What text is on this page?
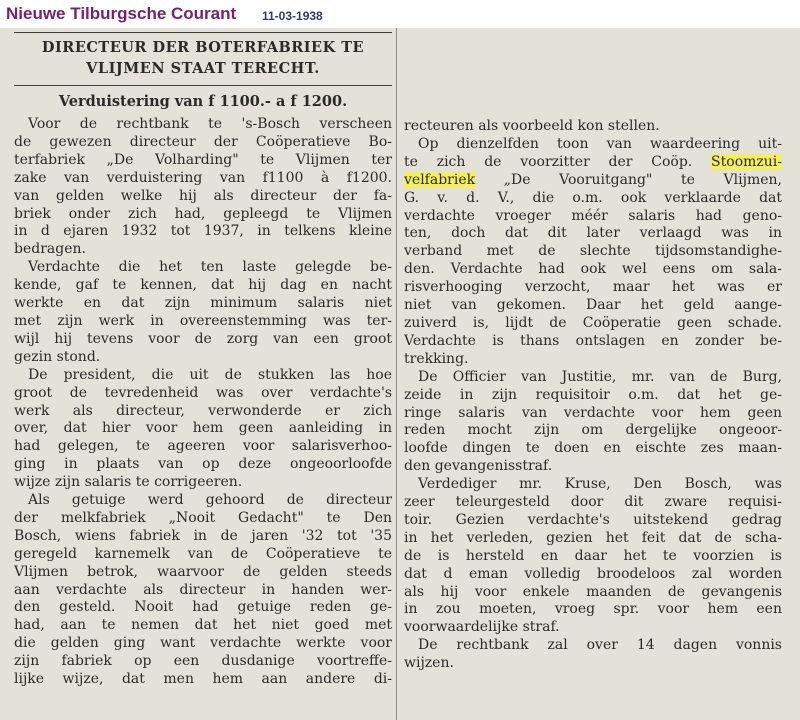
Nieuwe Tilburgsche Courant 11-03-1938
DIRECTEUR DER BOTERFABRIEK TE
VLIJMEN STAAT TERECHT.
Verduistering van f 1100.- a f 1200.
Voor de rechtbank te 's-Bosch verscheen
de gewezen directeur der Coöperatieve Bo-
terfabriek „De Volharding" te Vlijmen ter
zake van verduistering van f1100 à f1200.
van gelden welke hij als directeur der fa-
briek onder zich had, gepleegd te Vlijmen
in d ejaren 1932 tot 1937, in telkens kleine
bedragen.
Verdachte die het ten laste gelegde be-
kende, gaf te kennen, dat hij dag en nacht
werkte en dat zijn minimum salaris niet
met zijn werk in overeenstemming was ter-
wijl hij tevens voor de zorg van een groot
gezin stond.
De president, die uit de stukken las hoe
groot de tevredenheid was over verdachte's
werk als directeur, verwonderde er zich
over, dat hier voor hem geen aanleiding in
had gelegen, te ageeren voor salarisverhoo-
ging in plaats van op deze ongeoorloofde
wijze zijn salaris te corrigeeren.
Als getuige werd gehoord de directeur
der melkfabriek „Nooit Gedacht" te Den
Bosch, wiens fabriek in de jaren '32 tot '35
geregeld karnemelk van de Coöperatieve te
Vlijmen betrok, waarvoor de gelden steeds
aan verdachte als directeur in handen wer-
den gesteld. Nooit had getuige reden ge-
had, aan te nemen dat het niet goed met
die gelden ging want verdachte werkte voor
zijn fabriek op een dusdanige voortreffe-
lijke wijze, dat men hem aan andere di-
recteuren als voorbeeld kon stellen.
Op dienzelfden toon van waardeering uit-
te zich de voorzitter der Coöp. Stoomzui-
velfabriek „De Vooruitgang" te Vlijmen,
G. v. d. V., die o.m. ook verklaarde dat
verdachte vroeger méér salaris had geno-
ten, doch dat dit later verlaagd was in
verband met de slechte tijdsomstandighe-
den. Verdachte had ook wel eens om sala-
risverhooging verzocht, maar het was er
niet van gekomen. Daar het geld aange-
zuiverd is, lijdt de Coöperatie geen schade.
Verdachte is thans ontslagen en zonder be-
trekking.
De Officier van Justitie, mr. van de Burg,
zeide in zijn requisitoir o.m. dat het ge-
ringe salaris van verdachte voor hem geen
reden mocht zijn om dergelijke ongeoor-
loofde dingen te doen en eischte zes maan-
den gevangenisstraf.
Verdediger mr. Kruse, Den Bosch, was
zeer teleurgesteld door dit zware requisi-
toir. Gezien verdachte's uitstekend gedrag
in het verleden, gezien het feit dat de scha-
de is hersteld en daar het te voorzien is
dat d eman volledig broodeloos zal worden
als hij voor enkele maanden de gevangenis
in zou moeten, vroeg spr. voor hem een
voorwaardelijke straf.
De rechtbank zal over 14 dagen vonnis
wijzen.
